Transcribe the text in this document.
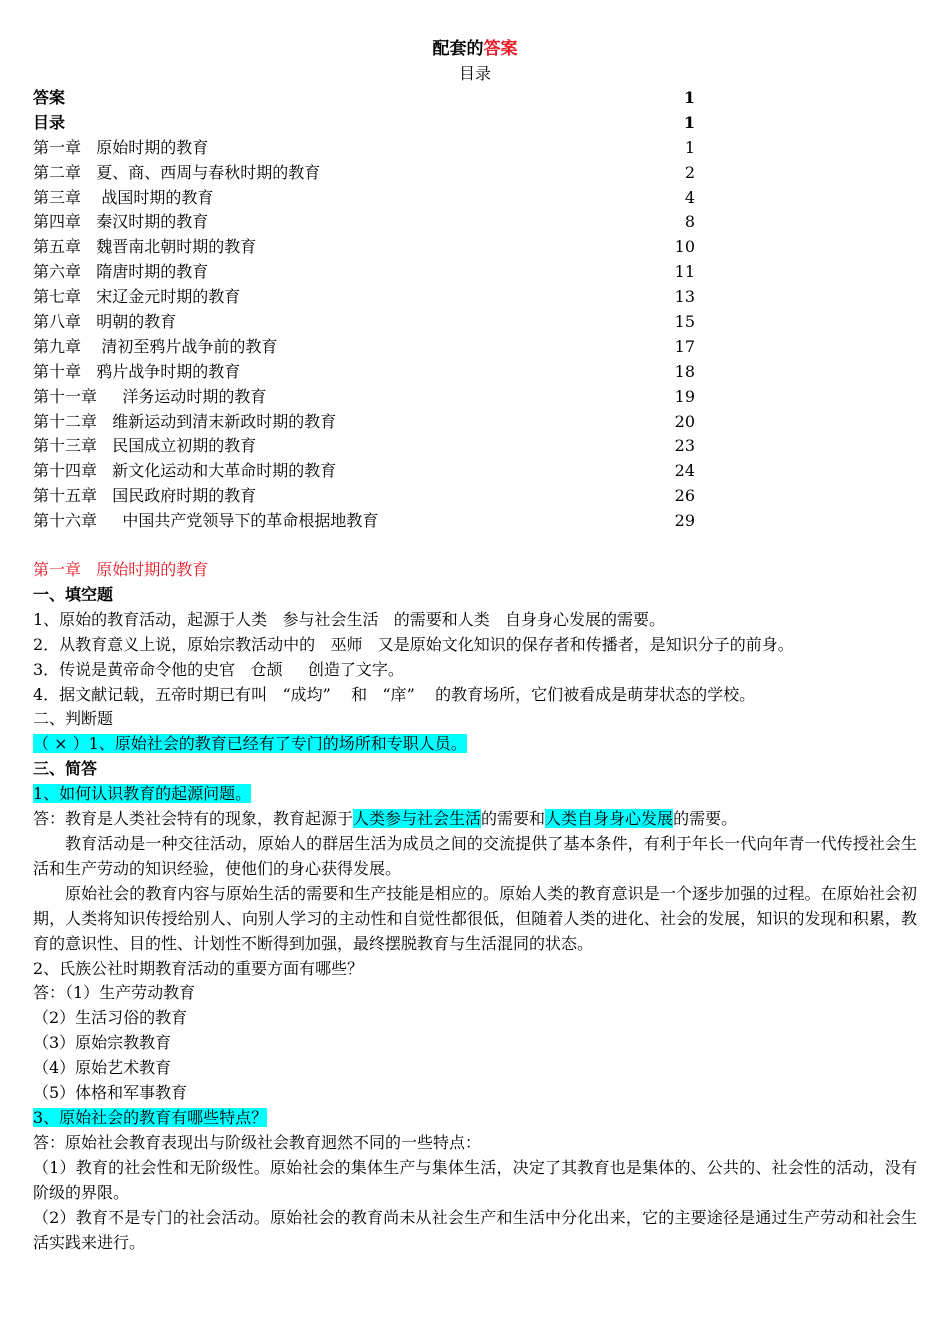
配套的答案
目录
答案	1
目录	1
第一章   原始时期的教育	1
第二章   夏、商、西周与春秋时期的教育	2
第三章    战国时期的教育	4
第四章   秦汉时期的教育	8
第五章   魏晋南北朝时期的教育	10
第六章   隋唐时期的教育	11
第七章   宋辽金元时期的教育	13
第八章   明朝的教育	15
第九章    清初至鸦片战争前的教育	17
第十章   鸦片战争时期的教育	18
第十一章     洋务运动时期的教育	19
第十二章   维新运动到清末新政时期的教育	20
第十三章   民国成立初期的教育	23
第十四章   新文化运动和大革命时期的教育	24
第十五章   国民政府时期的教育	26
第十六章     中国共产党领导下的革命根据地教育	29
第一章   原始时期的教育
一、填空题
1、原始的教育活动，起源于人类   参与社会生活   的需要和人类   自身身心发展的需要。
2．从教育意义上说，原始宗教活动中的   巫师   又是原始文化知识的保存者和传播者，是知识分子的前身。
3．传说是黄帝命令他的史官   仓颉     创造了文字。
4．据文献记载，五帝时期已有叫   “成均”    和   “庠”    的教育场所，它们被看成是萌芽状态的学校。
二、判断题
（ × ）1、原始社会的教育已经有了专门的场所和专职人员。
三、简答
1、如何认识教育的起源问题。
答：教育是人类社会特有的现象，教育起源于人类参与社会生活的需要和人类自身身心发展的需要。
教育活动是一种交往活动，原始人的群居生活为成员之间的交流提供了基本条件，有利于年长一代向年青一代传授社会生活和生产劳动的知识经验，使他们的身心获得发展。
原始社会的教育内容与原始生活的需要和生产技能是相应的。原始人类的教育意识是一个逐步加强的过程。在原始社会初期，人类将知识传授给别人、向别人学习的主动性和自觉性都很低，但随着人类的进化、社会的发展，知识的发现和积累，教育的意识性、目的性、计划性不断得到加强，最终摆脱教育与生活混同的状态。
2、氏族公社时期教育活动的重要方面有哪些？
答：（1）生产劳动教育
（2）生活习俗的教育
（3）原始宗教教育
（4）原始艺术教育
（5）体格和军事教育
3、原始社会的教育有哪些特点？
答：原始社会教育表现出与阶级社会教育迥然不同的一些特点：
（1）教育的社会性和无阶级性。原始社会的集体生产与集体生活，决定了其教育也是集体的、公共的、社会性的活动，没有阶级的界限。
（2）教育不是专门的社会活动。原始社会的教育尚未从社会生产和生活中分化出来，它的主要途径是通过生产劳动和社会生活实践来进行。
